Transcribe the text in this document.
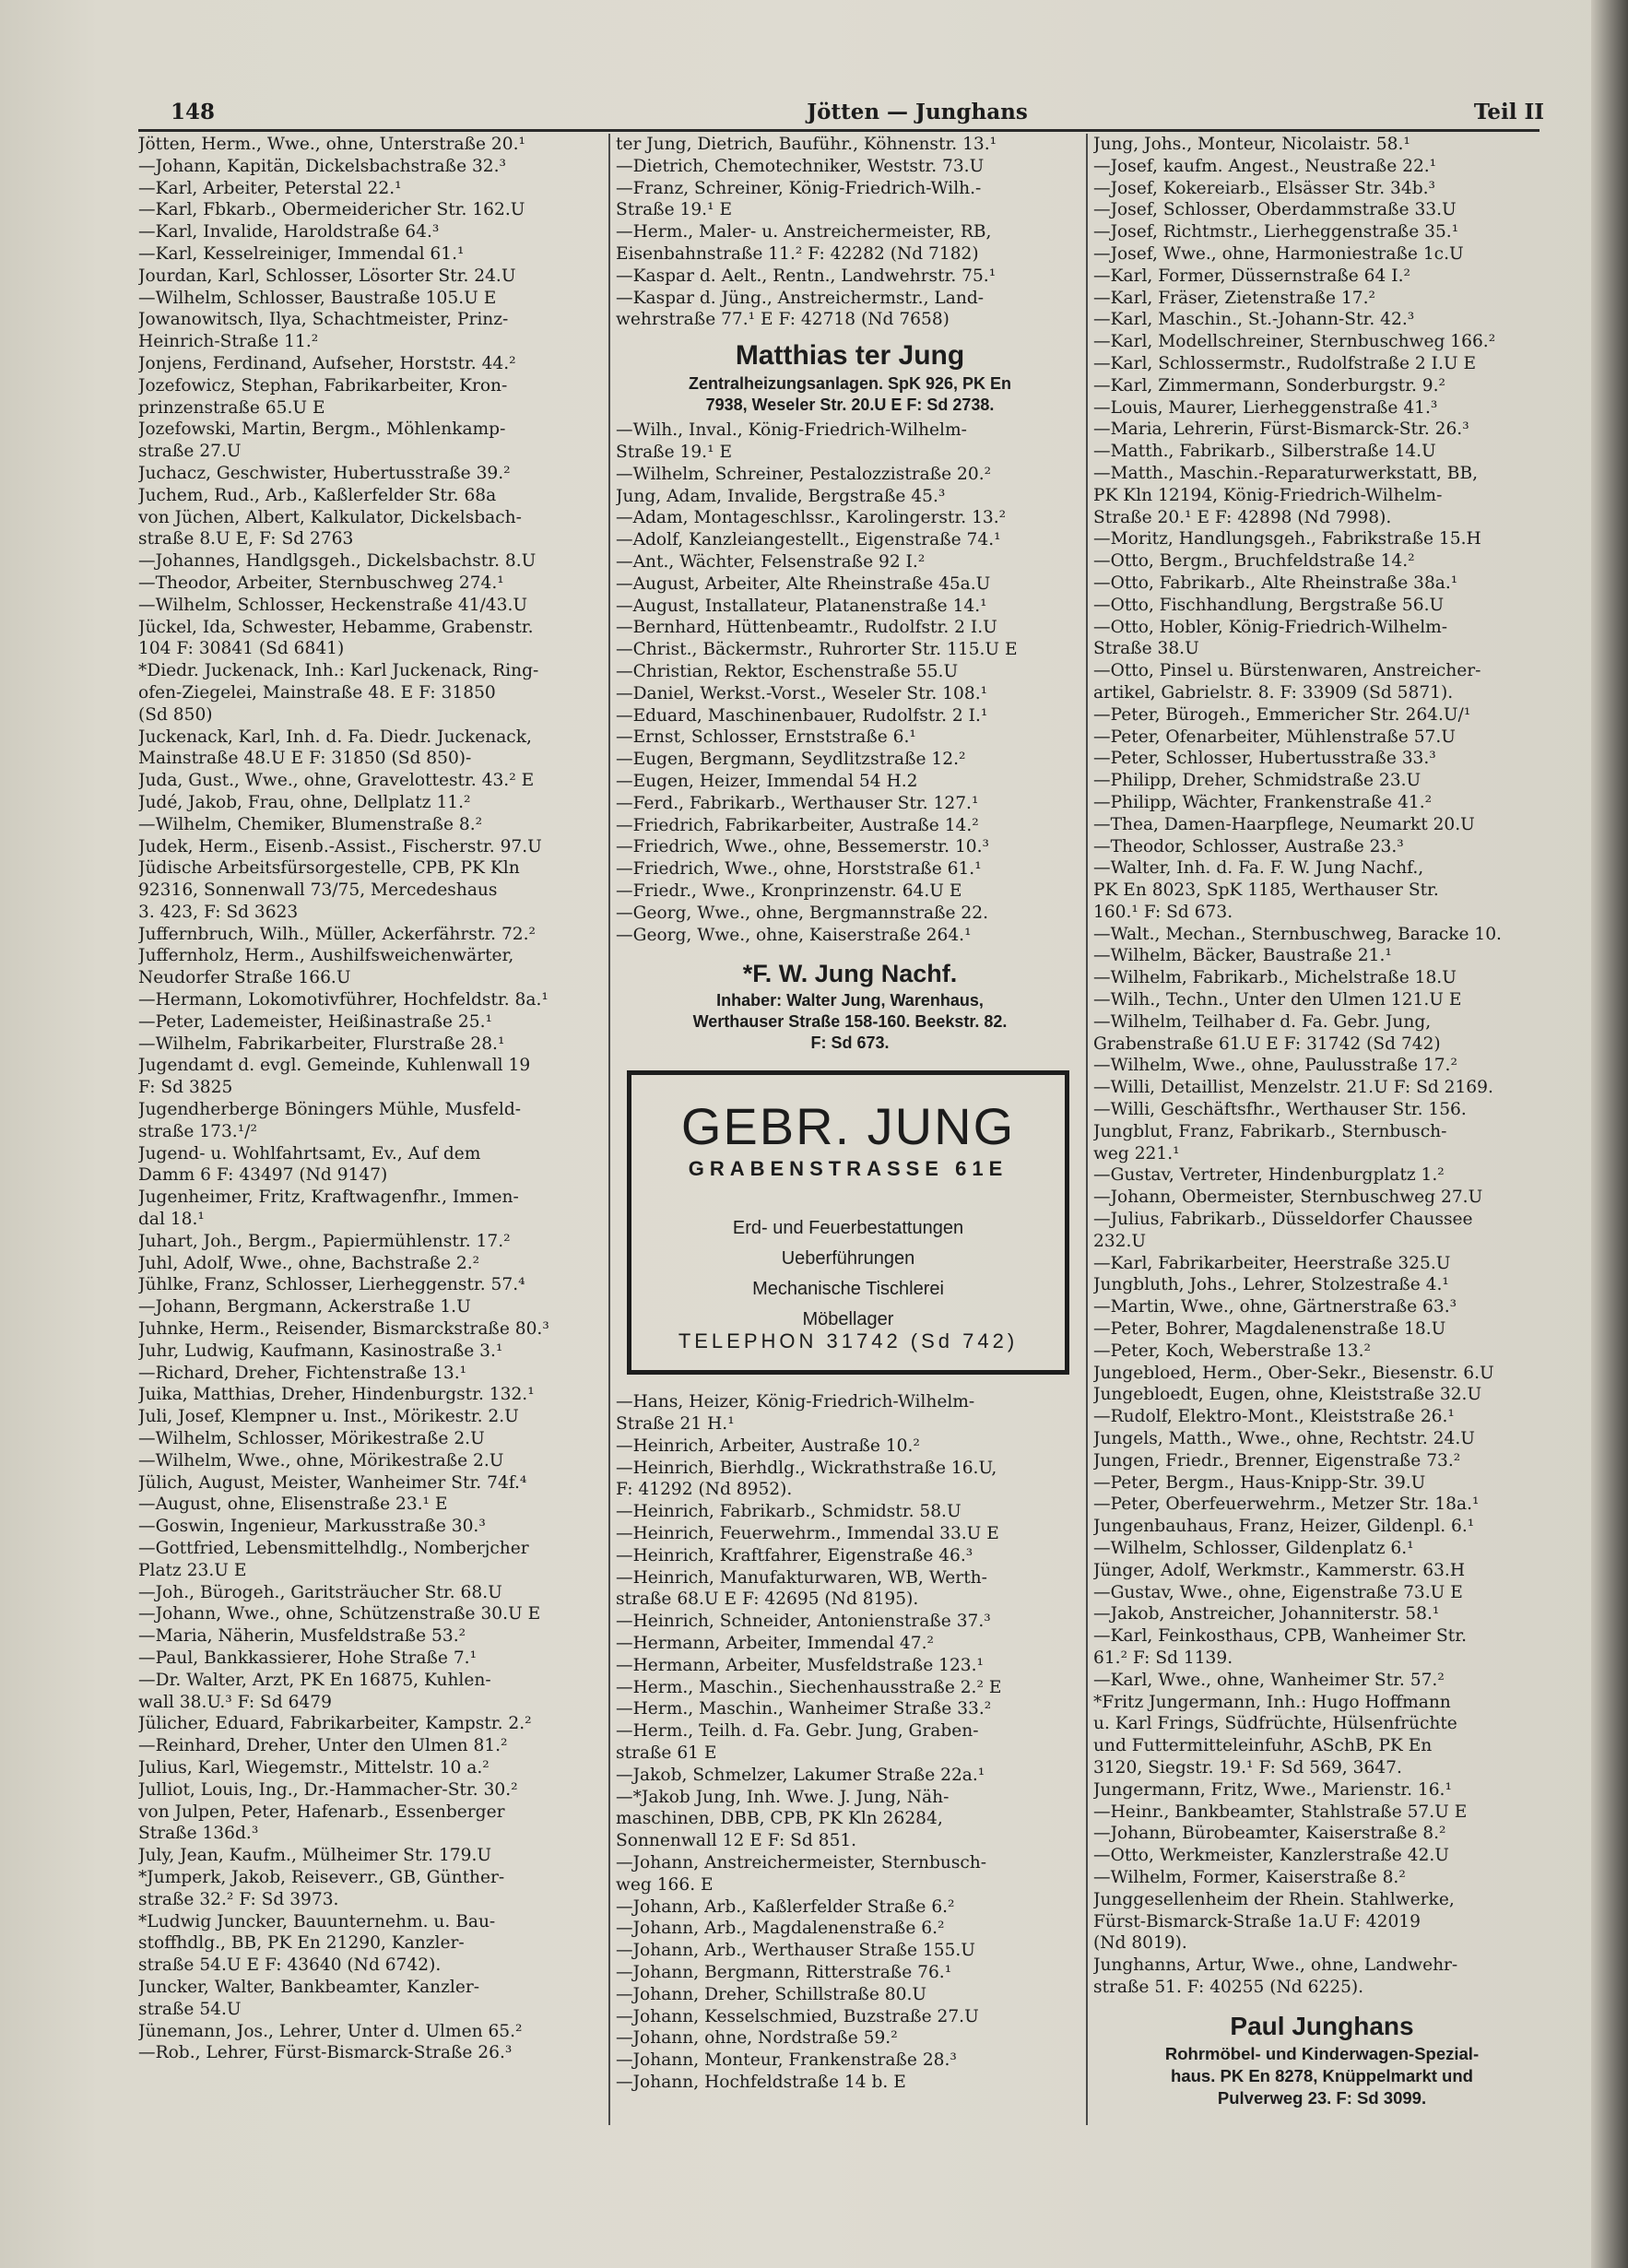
148	Jötten — Junghans	Teil II
Jötten, Herm., Wwe., ohne, Unterstraße 20.¹
—Johann, Kapitän, Dickelsbachstraße 32.³
—Karl, Arbeiter, Peterstal 22.¹
—Karl, Fbkarb., Obermeidericher Str. 162.U
—Karl, Invalide, Haroldstraße 64.³
—Karl, Kesselreiniger, Immendal 61.¹
Jourdan, Karl, Schlosser, Lösorter Str. 24.U
—Wilhelm, Schlosser, Baustraße 105.U E
Jowanowitsch, Ilya, Schachtmeister, Prinz-
Heinrich-Straße 11.²
Jonjens, Ferdinand, Aufseher, Horststr. 44.²
Jozefowicz, Stephan, Fabrikarbeiter, Kron-
prinzenstraße 65.U E
Jozefowski, Martin, Bergm., Möhlenkamp-
straße 27.U
Juchacz, Geschwister, Hubertusstraße 39.²
Juchem, Rud., Arb., Kaßlerfelder Str. 68a
von Jüchen, Albert, Kalkulator, Dickelsbach-
straße 8.U E, F: Sd 2763
—Johannes, Handlgsgeh., Dickelsbachstr. 8.U
—Theodor, Arbeiter, Sternbuschweg 274.¹
—Wilhelm, Schlosser, Heckenstraße 41/43.U
Jückel, Ida, Schwester, Hebamme, Grabenstr.
104 F: 30841 (Sd 6841)
*Diedr. Juckenack, Inh.: Karl Juckenack, Ring-
ofen-Ziegelei, Mainstraße 48. E F: 31850
(Sd 850)
Juckenack, Karl, Inh. d. Fa. Diedr. Juckenack,
Mainstraße 48.U E F: 31850 (Sd 850)-
Juda, Gust., Wwe., ohne, Gravelottestr. 43.² E
Judé, Jakob, Frau, ohne, Dellplatz 11.²
—Wilhelm, Chemiker, Blumenstraße 8.²
Judek, Herm., Eisenb.-Assist., Fischerstr. 97.U
Jüdische Arbeitsfürsorgestelle, CPB, PK Kln
92316, Sonnenwall 73/75, Mercedeshaus
3. 423, F: Sd 3623
Juffernbruch, Wilh., Müller, Ackerfährstr. 72.²
Juffernholz, Herm., Aushilfsweichenwärter,
Neudorfer Straße 166.U
—Hermann, Lokomotivführer, Hochfeldstr. 8a.¹
—Peter, Lademeister, Heißinastraße 25.¹
—Wilhelm, Fabrikarbeiter, Flurstraße 28.¹
Jugendamt d. evgl. Gemeinde, Kuhlenwall 19
F: Sd 3825
Jugendherberge Böningers Mühle, Musfeld-
straße 173.¹/²
Jugend- u. Wohlfahrtsamt, Ev., Auf dem
Damm 6 F: 43497 (Nd 9147)
Jugenheimer, Fritz, Kraftwagenfhr., Immen-
dal 18.¹
Juhart, Joh., Bergm., Papiermühlenstr. 17.²
Juhl, Adolf, Wwe., ohne, Bachstraße 2.²
Jühlke, Franz, Schlosser, Lierheggenstr. 57.⁴
—Johann, Bergmann, Ackerstraße 1.U
Juhnke, Herm., Reisender, Bismarckstraße 80.³
Juhr, Ludwig, Kaufmann, Kasinostraße 3.¹
—Richard, Dreher, Fichtenstraße 13.¹
Juika, Matthias, Dreher, Hindenburgstr. 132.¹
Juli, Josef, Klempner u. Inst., Mörikestr. 2.U
—Wilhelm, Schlosser, Mörikestraße 2.U
—Wilhelm, Wwe., ohne, Mörikestraße 2.U
Jülich, August, Meister, Wanheimer Str. 74f.⁴
—August, ohne, Elisenstraße 23.¹ E
—Goswin, Ingenieur, Markusstraße 30.³
—Gottfried, Lebensmittelhdlg., Nomberjcher
Platz 23.U E
—Joh., Bürogeh., Garitsträucher Str. 68.U
—Johann, Wwe., ohne, Schützenstraße 30.U E
—Maria, Näherin, Musfeldstraße 53.²
—Paul, Bankkassierer, Hohe Straße 7.¹
—Dr. Walter, Arzt, PK En 16875, Kuhlen-
wall 38.U.³ F: Sd 6479
Jülicher, Eduard, Fabrikarbeiter, Kampstr. 2.²
—Reinhard, Dreher, Unter den Ulmen 81.²
Julius, Karl, Wiegemstr., Mittelstr. 10 a.²
Julliot, Louis, Ing., Dr.-Hammacher-Str. 30.²
von Julpen, Peter, Hafenarb., Essenberger
Straße 136d.³
July, Jean, Kaufm., Mülheimer Str. 179.U
*Jumperk, Jakob, Reiseverr., GB, Günther-
straße 32.² F: Sd 3973.
*Ludwig Juncker, Bauunternehm. u. Bau-
stoffhdlg., BB, PK En 21290, Kanzler-
straße 54.U E F: 43640 (Nd 6742).
Juncker, Walter, Bankbeamter, Kanzler-
straße 54.U
Jünemann, Jos., Lehrer, Unter d. Ulmen 65.²
—Rob., Lehrer, Fürst-Bismarck-Straße 26.³
ter Jung, Dietrich, Bauführ., Köhnenstr. 13.¹
—Dietrich, Chemotechniker, Weststr. 73.U
—Franz, Schreiner, König-Friedrich-Wilh.-
Straße 19.¹ E
—Herm., Maler- u. Anstreichermeister, RB,
Eisenbahnstraße 11.² F: 42282 (Nd 7182)
—Kaspar d. Aelt., Rentn., Landwehrstr. 75.¹
—Kaspar d. Jüng., Anstreichermstr., Land-
wehrstraße 77.¹ E F: 42718 (Nd 7658)
Matthias ter Jung
Zentralheizungsanlagen. SpK 926, PK En
7938, Weseler Str. 20.U E F: Sd 2738.
—Wilh., Inval., König-Friedrich-Wilhelm-
Straße 19.¹ E
—Wilhelm, Schreiner, Pestalozzistraße 20.²
Jung, Adam, Invalide, Bergstraße 45.³
—Adam, Montageschlssr., Karolingerstr. 13.²
—Adolf, Kanzleiangestellt., Eigenstraße 74.¹
—Ant., Wächter, Felsenstraße 92 I.²
—August, Arbeiter, Alte Rheinstraße 45a.U
—August, Installateur, Platanenstraße 14.¹
—Bernhard, Hüttenbeamtr., Rudolfstr. 2 I.U
—Christ., Bäckermstr., Ruhrorter Str. 115.U E
—Christian, Rektor, Eschenstraße 55.U
—Daniel, Werkst.-Vorst., Weseler Str. 108.¹
—Eduard, Maschinenbauer, Rudolfstr. 2 I.¹
—Ernst, Schlosser, Ernststraße 6.¹
—Eugen, Bergmann, Seydlitzstraße 12.²
—Eugen, Heizer, Immendal 54 H.2
—Ferd., Fabrikarb., Werthauser Str. 127.¹
—Friedrich, Fabrikarbeiter, Austraße 14.²
—Friedrich, Wwe., ohne, Bessemerstr. 10.³
—Friedrich, Wwe., ohne, Horststraße 61.¹
—Friedr., Wwe., Kronprinzenstr. 64.U E
—Georg, Wwe., ohne, Bergmannstraße 22.
—Georg, Wwe., ohne, Kaiserstraße 264.¹
*F. W. Jung Nachf.
Inhaber: Walter Jung, Warenhaus,
Werthauser Straße 158-160. Beekstr. 82.
F: Sd 673.
GEBR. JUNG
GRABENSTRASSE 61E
Erd- und Feuerbestattungen
Ueberführungen
Mechanische Tischlerei
Möbellager
TELEPHON 31742 (Sd 742)
—Hans, Heizer, König-Friedrich-Wilhelm-
Straße 21 H.¹
—Heinrich, Arbeiter, Austraße 10.²
—Heinrich, Bierhdlg., Wickrathstraße 16.U,
F: 41292 (Nd 8952).
—Heinrich, Fabrikarb., Schmidstr. 58.U
—Heinrich, Feuerwehrm., Immendal 33.U E
—Heinrich, Kraftfahrer, Eigenstraße 46.³
—Heinrich, Manufakturwaren, WB, Werth-
straße 68.U E F: 42695 (Nd 8195).
—Heinrich, Schneider, Antonienstraße 37.³
—Hermann, Arbeiter, Immendal 47.²
—Hermann, Arbeiter, Musfeldstraße 123.¹
—Herm., Maschin., Siechenhausstraße 2.² E
—Herm., Maschin., Wanheimer Straße 33.²
—Herm., Teilh. d. Fa. Gebr. Jung, Graben-
straße 61 E
—Jakob, Schmelzer, Lakumer Straße 22a.¹
—*Jakob Jung, Inh. Wwe. J. Jung, Näh-
maschinen, DBB, CPB, PK Kln 26284,
Sonnenwall 12 E F: Sd 851.
—Johann, Anstreichermeister, Sternbusch-
weg 166. E
—Johann, Arb., Kaßlerfelder Straße 6.²
—Johann, Arb., Magdalenenstraße 6.²
—Johann, Arb., Werthauser Straße 155.U
—Johann, Bergmann, Ritterstraße 76.¹
—Johann, Dreher, Schillstraße 80.U
—Johann, Kesselschmied, Buzstraße 27.U
—Johann, ohne, Nordstraße 59.²
—Johann, Monteur, Frankenstraße 28.³
—Johann, Hochfeldstraße 14 b. E
Jung, Johs., Monteur, Nicolaistr. 58.¹
—Josef, kaufm. Angest., Neustraße 22.¹
—Josef, Kokereiarb., Elsässer Str. 34b.³
—Josef, Schlosser, Oberdammstraße 33.U
—Josef, Richtmstr., Lierheggenstraße 35.¹
—Josef, Wwe., ohne, Harmoniestraße 1c.U
—Karl, Former, Düssernstraße 64 I.²
—Karl, Fräser, Zietenstraße 17.²
—Karl, Maschin., St.-Johann-Str. 42.³
—Karl, Modellschreiner, Sternbuschweg 166.²
—Karl, Schlossermstr., Rudolfstraße 2 I.U E
—Karl, Zimmermann, Sonderburgstr. 9.²
—Louis, Maurer, Lierheggenstraße 41.³
—Maria, Lehrerin, Fürst-Bismarck-Str. 26.³
—Matth., Fabrikarb., Silberstraße 14.U
—Matth., Maschin.-Reparaturwerkstatt, BB,
PK Kln 12194, König-Friedrich-Wilhelm-
Straße 20.¹ E F: 42898 (Nd 7998).
—Moritz, Handlungsgeh., Fabrikstraße 15.H
—Otto, Bergm., Bruchfeldstraße 14.²
—Otto, Fabrikarb., Alte Rheinstraße 38a.¹
—Otto, Fischhandlung, Bergstraße 56.U
—Otto, Hobler, König-Friedrich-Wilhelm-
Straße 38.U
—Otto, Pinsel u. Bürstenwaren, Anstreicher-
artikel, Gabrielstr. 8. F: 33909 (Sd 5871).
—Peter, Bürogeh., Emmericher Str. 264.U/¹
—Peter, Ofenarbeiter, Mühlenstraße 57.U
—Peter, Schlosser, Hubertusstraße 33.³
—Philipp, Dreher, Schmidstraße 23.U
—Philipp, Wächter, Frankenstraße 41.²
—Thea, Damen-Haarpflege, Neumarkt 20.U
—Theodor, Schlosser, Austraße 23.³
—Walter, Inh. d. Fa. F. W. Jung Nachf.,
PK En 8023, SpK 1185, Werthauser Str.
160.¹ F: Sd 673.
—Walt., Mechan., Sternbuschweg, Baracke 10.
—Wilhelm, Bäcker, Baustraße 21.¹
—Wilhelm, Fabrikarb., Michelstraße 18.U
—Wilh., Techn., Unter den Ulmen 121.U E
—Wilhelm, Teilhaber d. Fa. Gebr. Jung,
Grabenstraße 61.U E F: 31742 (Sd 742)
—Wilhelm, Wwe., ohne, Paulusstraße 17.²
—Willi, Detaillist, Menzelstr. 21.U F: Sd 2169.
—Willi, Geschäftsfhr., Werthauser Str. 156.
Jungblut, Franz, Fabrikarb., Sternbusch-
weg 221.¹
—Gustav, Vertreter, Hindenburgplatz 1.²
—Johann, Obermeister, Sternbuschweg 27.U
—Julius, Fabrikarb., Düsseldorfer Chaussee
232.U
—Karl, Fabrikarbeiter, Heerstraße 325.U
Jungbluth, Johs., Lehrer, Stolzestraße 4.¹
—Martin, Wwe., ohne, Gärtnerstraße 63.³
—Peter, Bohrer, Magdalenenstraße 18.U
—Peter, Koch, Weberstraße 13.²
Jungebloed, Herm., Ober-Sekr., Biesenstr. 6.U
Jungebloedt, Eugen, ohne, Kleiststraße 32.U
—Rudolf, Elektro-Mont., Kleiststraße 26.¹
Jungels, Matth., Wwe., ohne, Rechtstr. 24.U
Jungen, Friedr., Brenner, Eigenstraße 73.²
—Peter, Bergm., Haus-Knipp-Str. 39.U
—Peter, Oberfeuerwehrm., Metzer Str. 18a.¹
Jungenbauhaus, Franz, Heizer, Gildenpl. 6.¹
—Wilhelm, Schlosser, Gildenplatz 6.¹
Jünger, Adolf, Werkmstr., Kammerstr. 63.H
—Gustav, Wwe., ohne, Eigenstraße 73.U E
—Jakob, Anstreicher, Johanniterstr. 58.¹
—Karl, Feinkosthaus, CPB, Wanheimer Str.
61.² F: Sd 1139.
—Karl, Wwe., ohne, Wanheimer Str. 57.²
*Fritz Jungermann, Inh.: Hugo Hoffmann
u. Karl Frings, Südfrüchte, Hülsenfrüchte
und Futtermitteleinfuhr, ASchB, PK En
3120, Siegstr. 19.¹ F: Sd 569, 3647.
Jungermann, Fritz, Wwe., Marienstr. 16.¹
—Heinr., Bankbeamter, Stahlstraße 57.U E
—Johann, Bürobeamter, Kaiserstraße 8.²
—Otto, Werkmeister, Kanzlerstraße 42.U
—Wilhelm, Former, Kaiserstraße 8.²
Junggesellenheim der Rhein. Stahlwerke,
Fürst-Bismarck-Straße 1a.U F: 42019
(Nd 8019).
Junghanns, Artur, Wwe., ohne, Landwehr-
straße 51. F: 40255 (Nd 6225).
Paul Junghans
Rohrmöbel- und Kinderwagen-Spezial-
haus. PK En 8278, Knüppelmarkt und
Pulverweg 23. F: Sd 3099.
